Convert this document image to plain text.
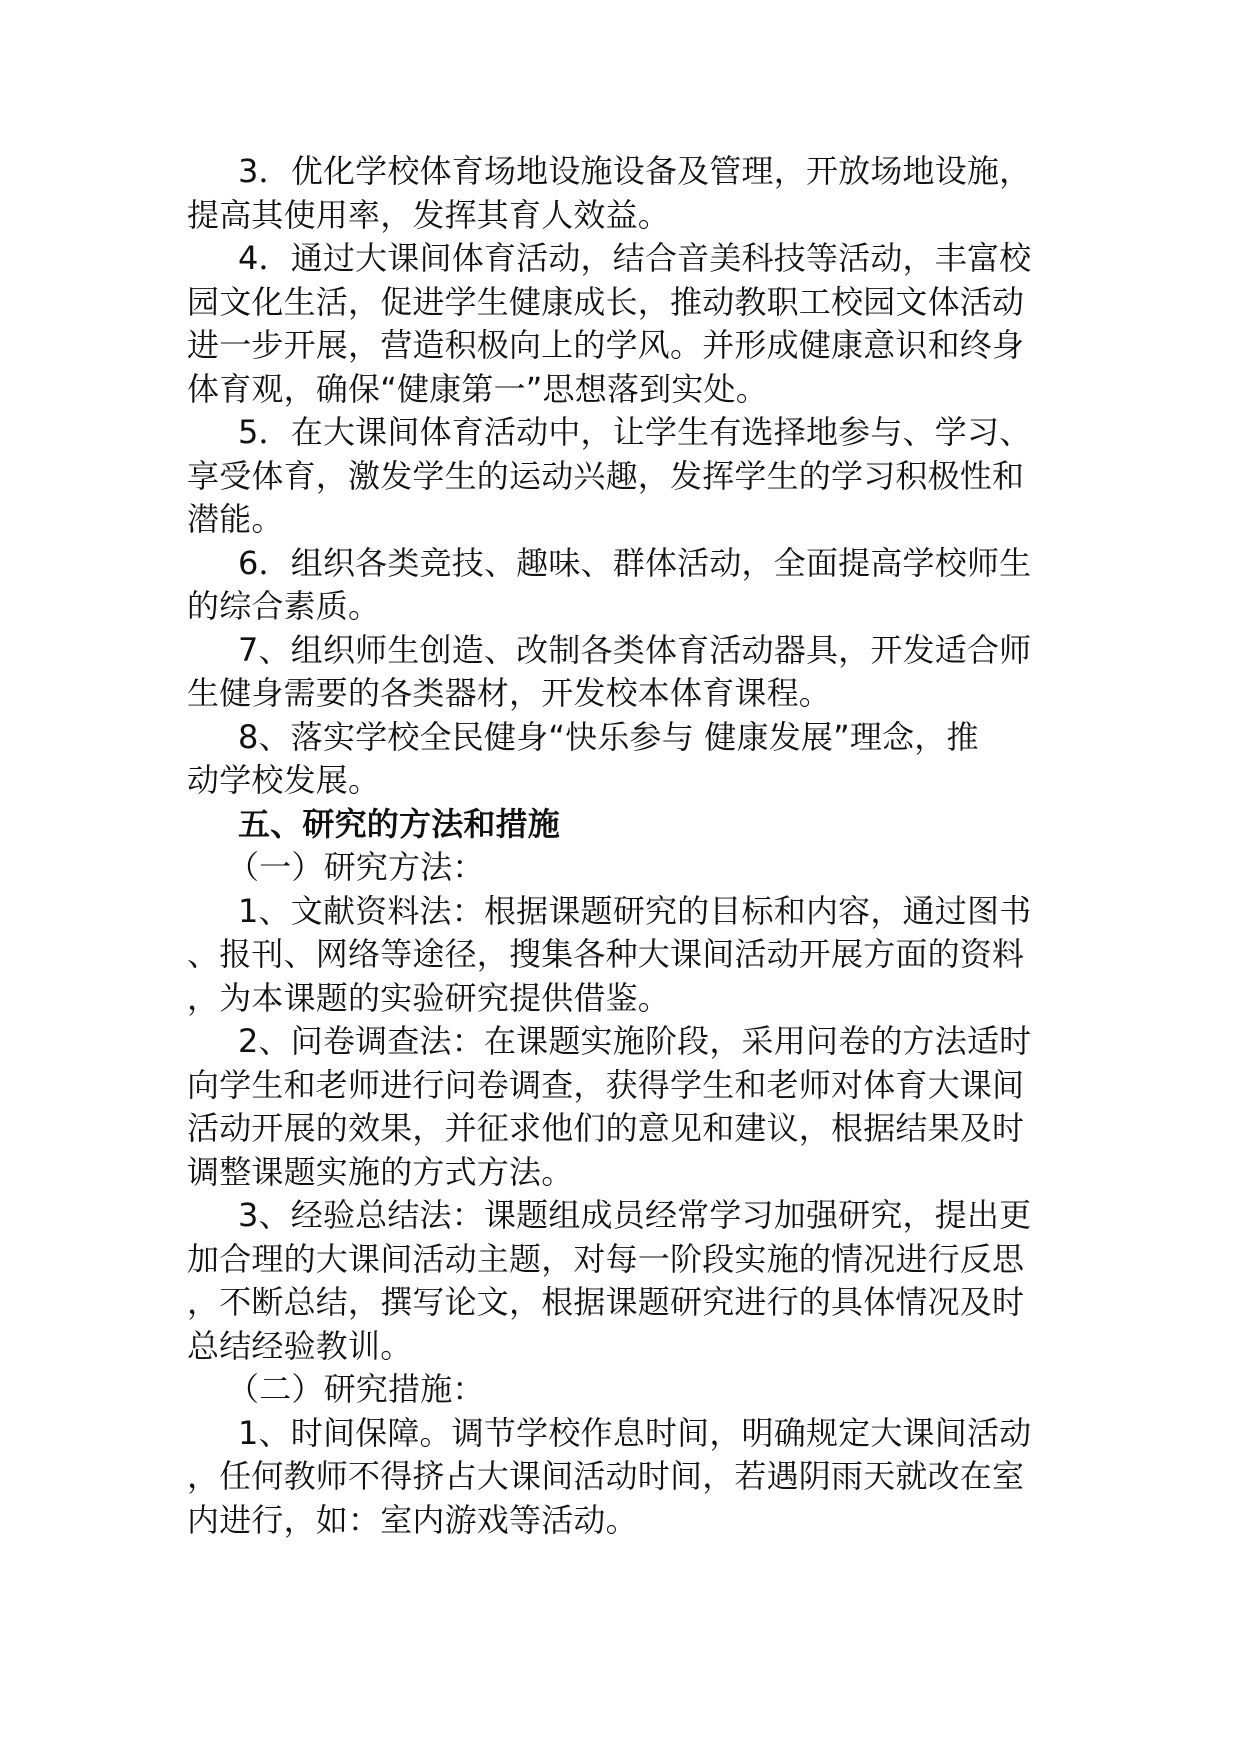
3．优化学校体育场地设施设备及管理，开放场地设施，
提高其使用率，发挥其育人效益。
4．通过大课间体育活动，结合音美科技等活动，丰富校
园文化生活，促进学生健康成长，推动教职工校园文体活动
进一步开展，营造积极向上的学风。并形成健康意识和终身
体育观，确保“健康第一”思想落到实处。
5．在大课间体育活动中，让学生有选择地参与、学习、
享受体育，激发学生的运动兴趣，发挥学生的学习积极性和
潜能。
6．组织各类竞技、趣味、群体活动，全面提高学校师生
的综合素质。
7、组织师生创造、改制各类体育活动器具，开发适合师
生健身需要的各类器材，开发校本体育课程。
8、落实学校全民健身“快乐参与 健康发展”理念，推
动学校发展。
五、研究的方法和措施
（一）研究方法：
1、文献资料法：根据课题研究的目标和内容，通过图书
、报刊、网络等途径，搜集各种大课间活动开展方面的资料
，为本课题的实验研究提供借鉴。
2、问卷调查法：在课题实施阶段，采用问卷的方法适时
向学生和老师进行问卷调查，获得学生和老师对体育大课间
活动开展的效果，并征求他们的意见和建议，根据结果及时
调整课题实施的方式方法。
3、经验总结法：课题组成员经常学习加强研究，提出更
加合理的大课间活动主题，对每一阶段实施的情况进行反思
，不断总结，撰写论文，根据课题研究进行的具体情况及时
总结经验教训。
（二）研究措施：
1、时间保障。调节学校作息时间，明确规定大课间活动
，任何教师不得挤占大课间活动时间，若遇阴雨天就改在室
内进行，如：室内游戏等活动。
